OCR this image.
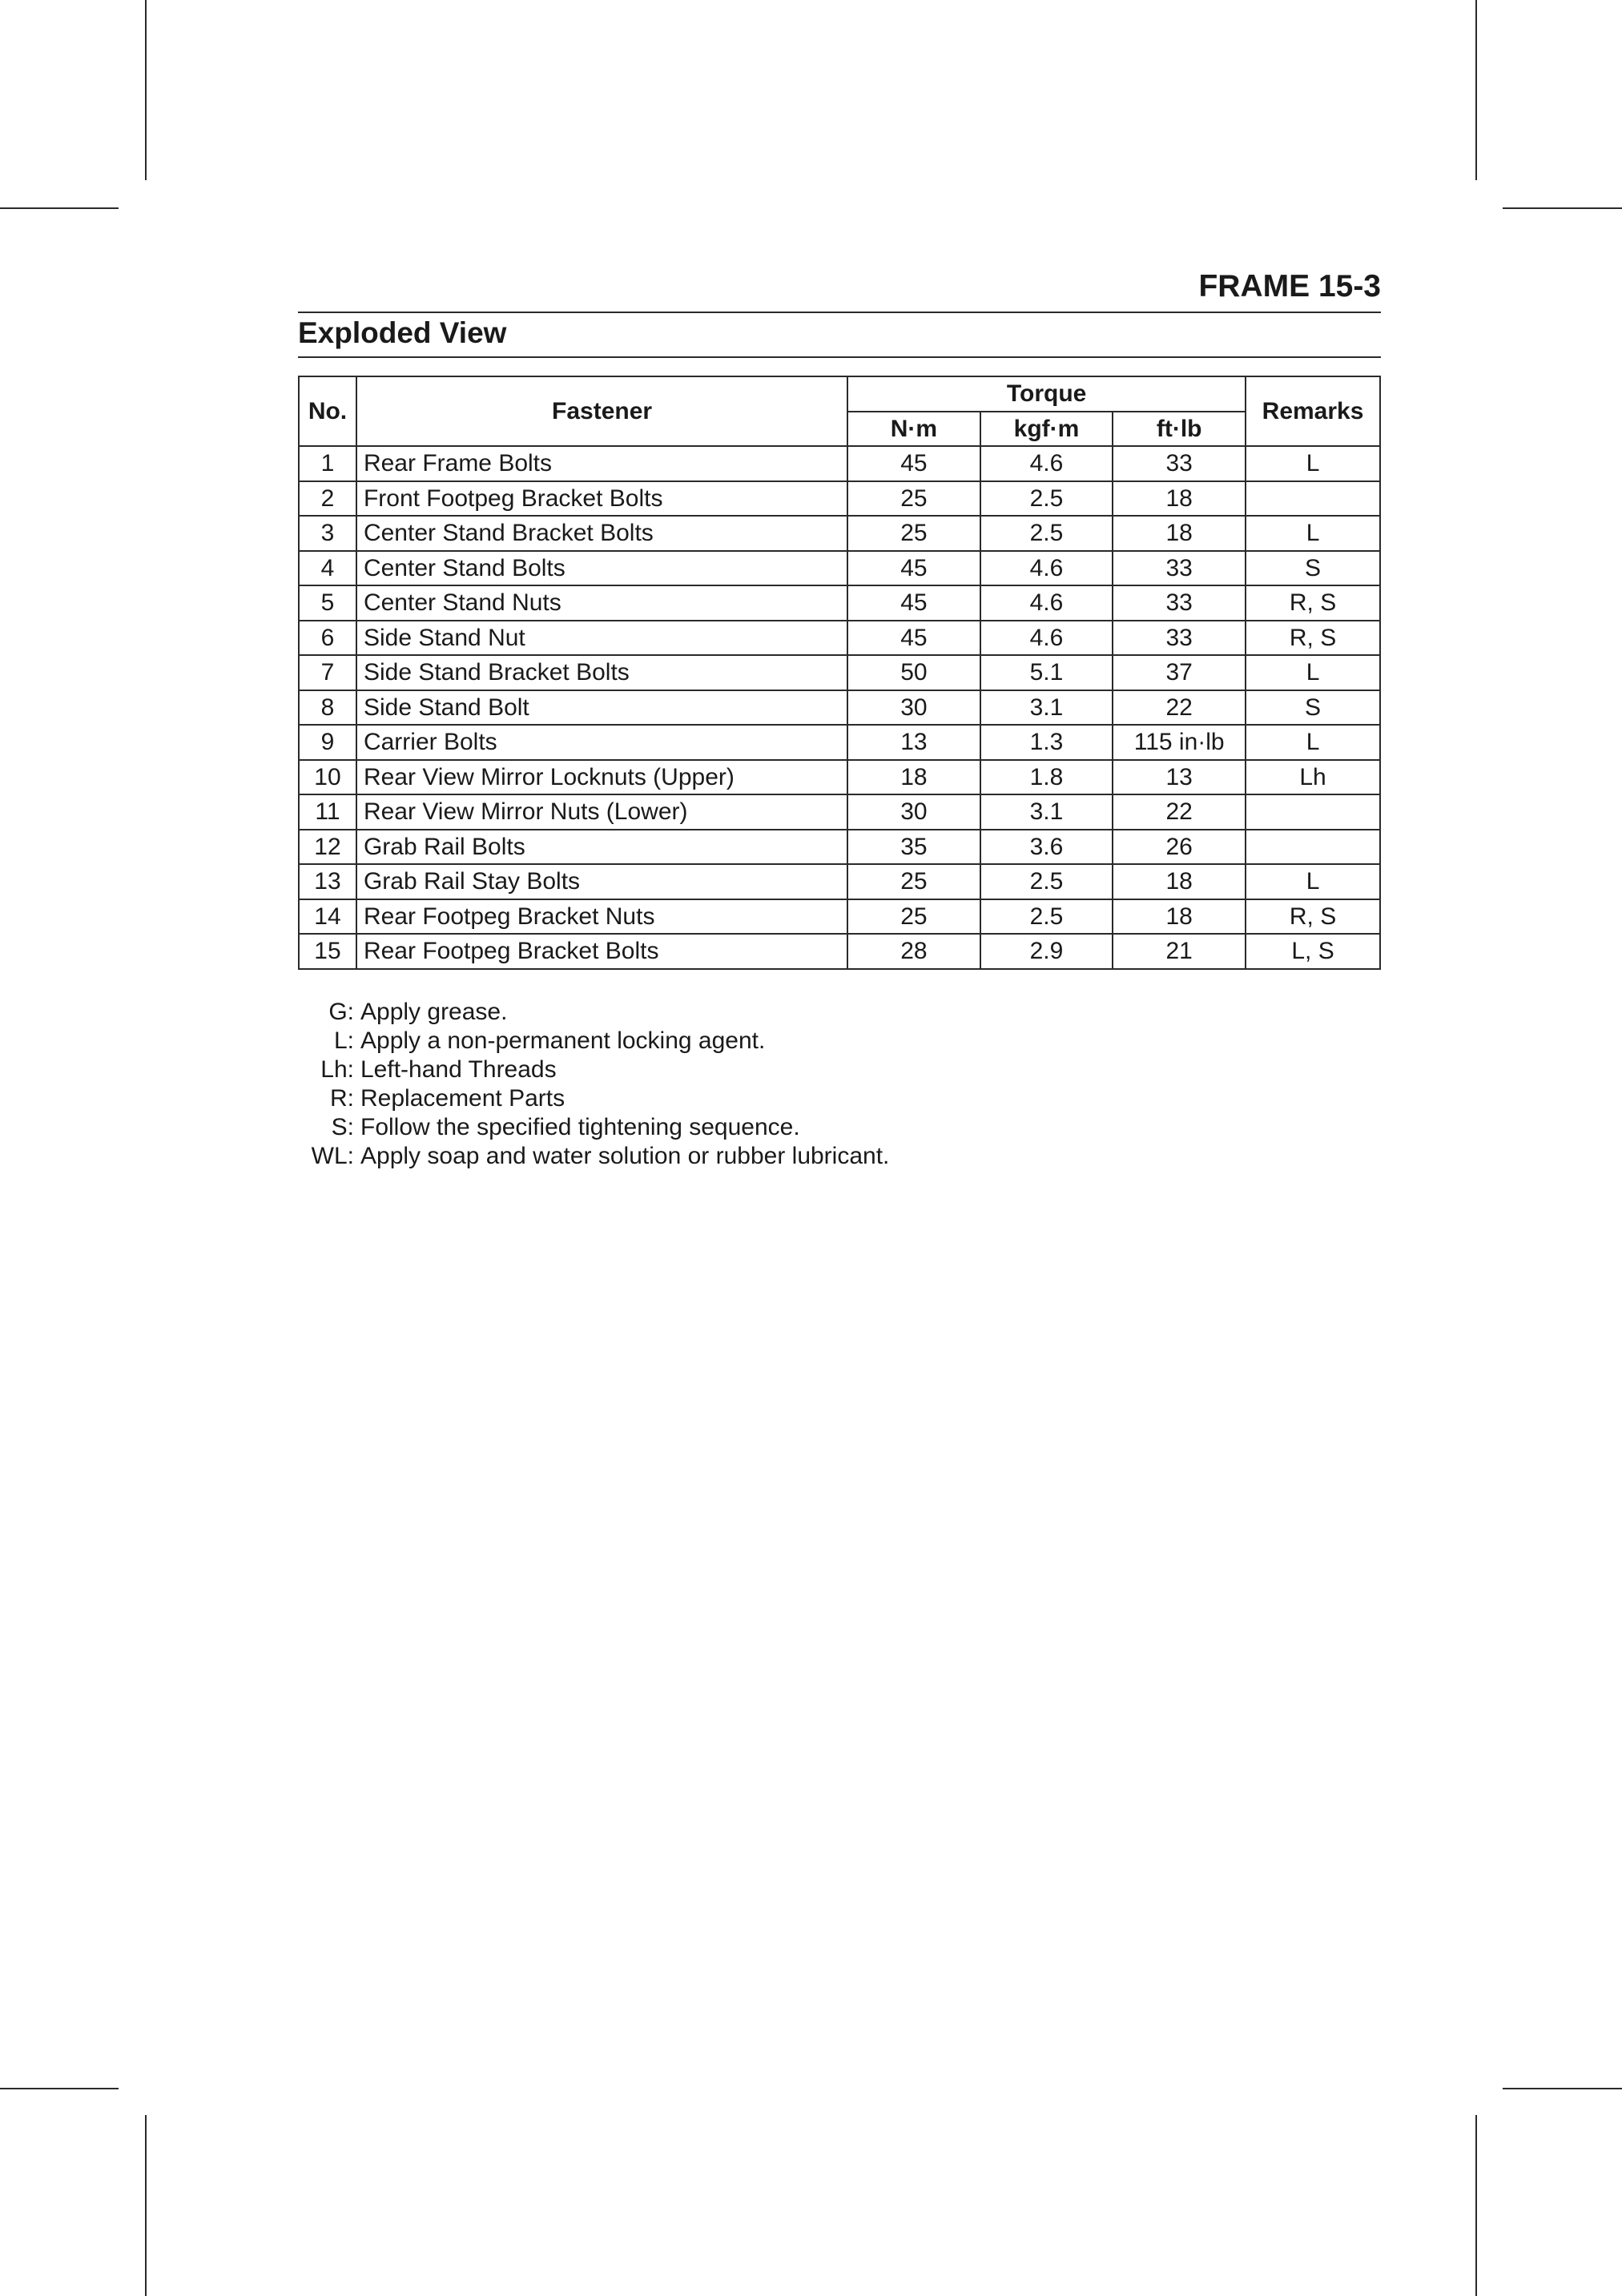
FRAME 15-3
Exploded View
No.	Fastener	Torque			Remarks
		N·m	kgf·m	ft·lb	
1	Rear Frame Bolts	45	4.6	33	L
2	Front Footpeg Bracket Bolts	25	2.5	18	
3	Center Stand Bracket Bolts	25	2.5	18	L
4	Center Stand Bolts	45	4.6	33	S
5	Center Stand Nuts	45	4.6	33	R, S
6	Side Stand Nut	45	4.6	33	R, S
7	Side Stand Bracket Bolts	50	5.1	37	L
8	Side Stand Bolt	30	3.1	22	S
9	Carrier Bolts	13	1.3	115 in·lb	L
10	Rear View Mirror Locknuts (Upper)	18	1.8	13	Lh
11	Rear View Mirror Nuts (Lower)	30	3.1	22	
12	Grab Rail Bolts	35	3.6	26	
13	Grab Rail Stay Bolts	25	2.5	18	L
14	Rear Footpeg Bracket Nuts	25	2.5	18	R, S
15	Rear Footpeg Bracket Bolts	28	2.9	21	L, S
G: Apply grease.
L: Apply a non-permanent locking agent.
Lh: Left-hand Threads
R: Replacement Parts
S: Follow the specified tightening sequence.
WL: Apply soap and water solution or rubber lubricant.
